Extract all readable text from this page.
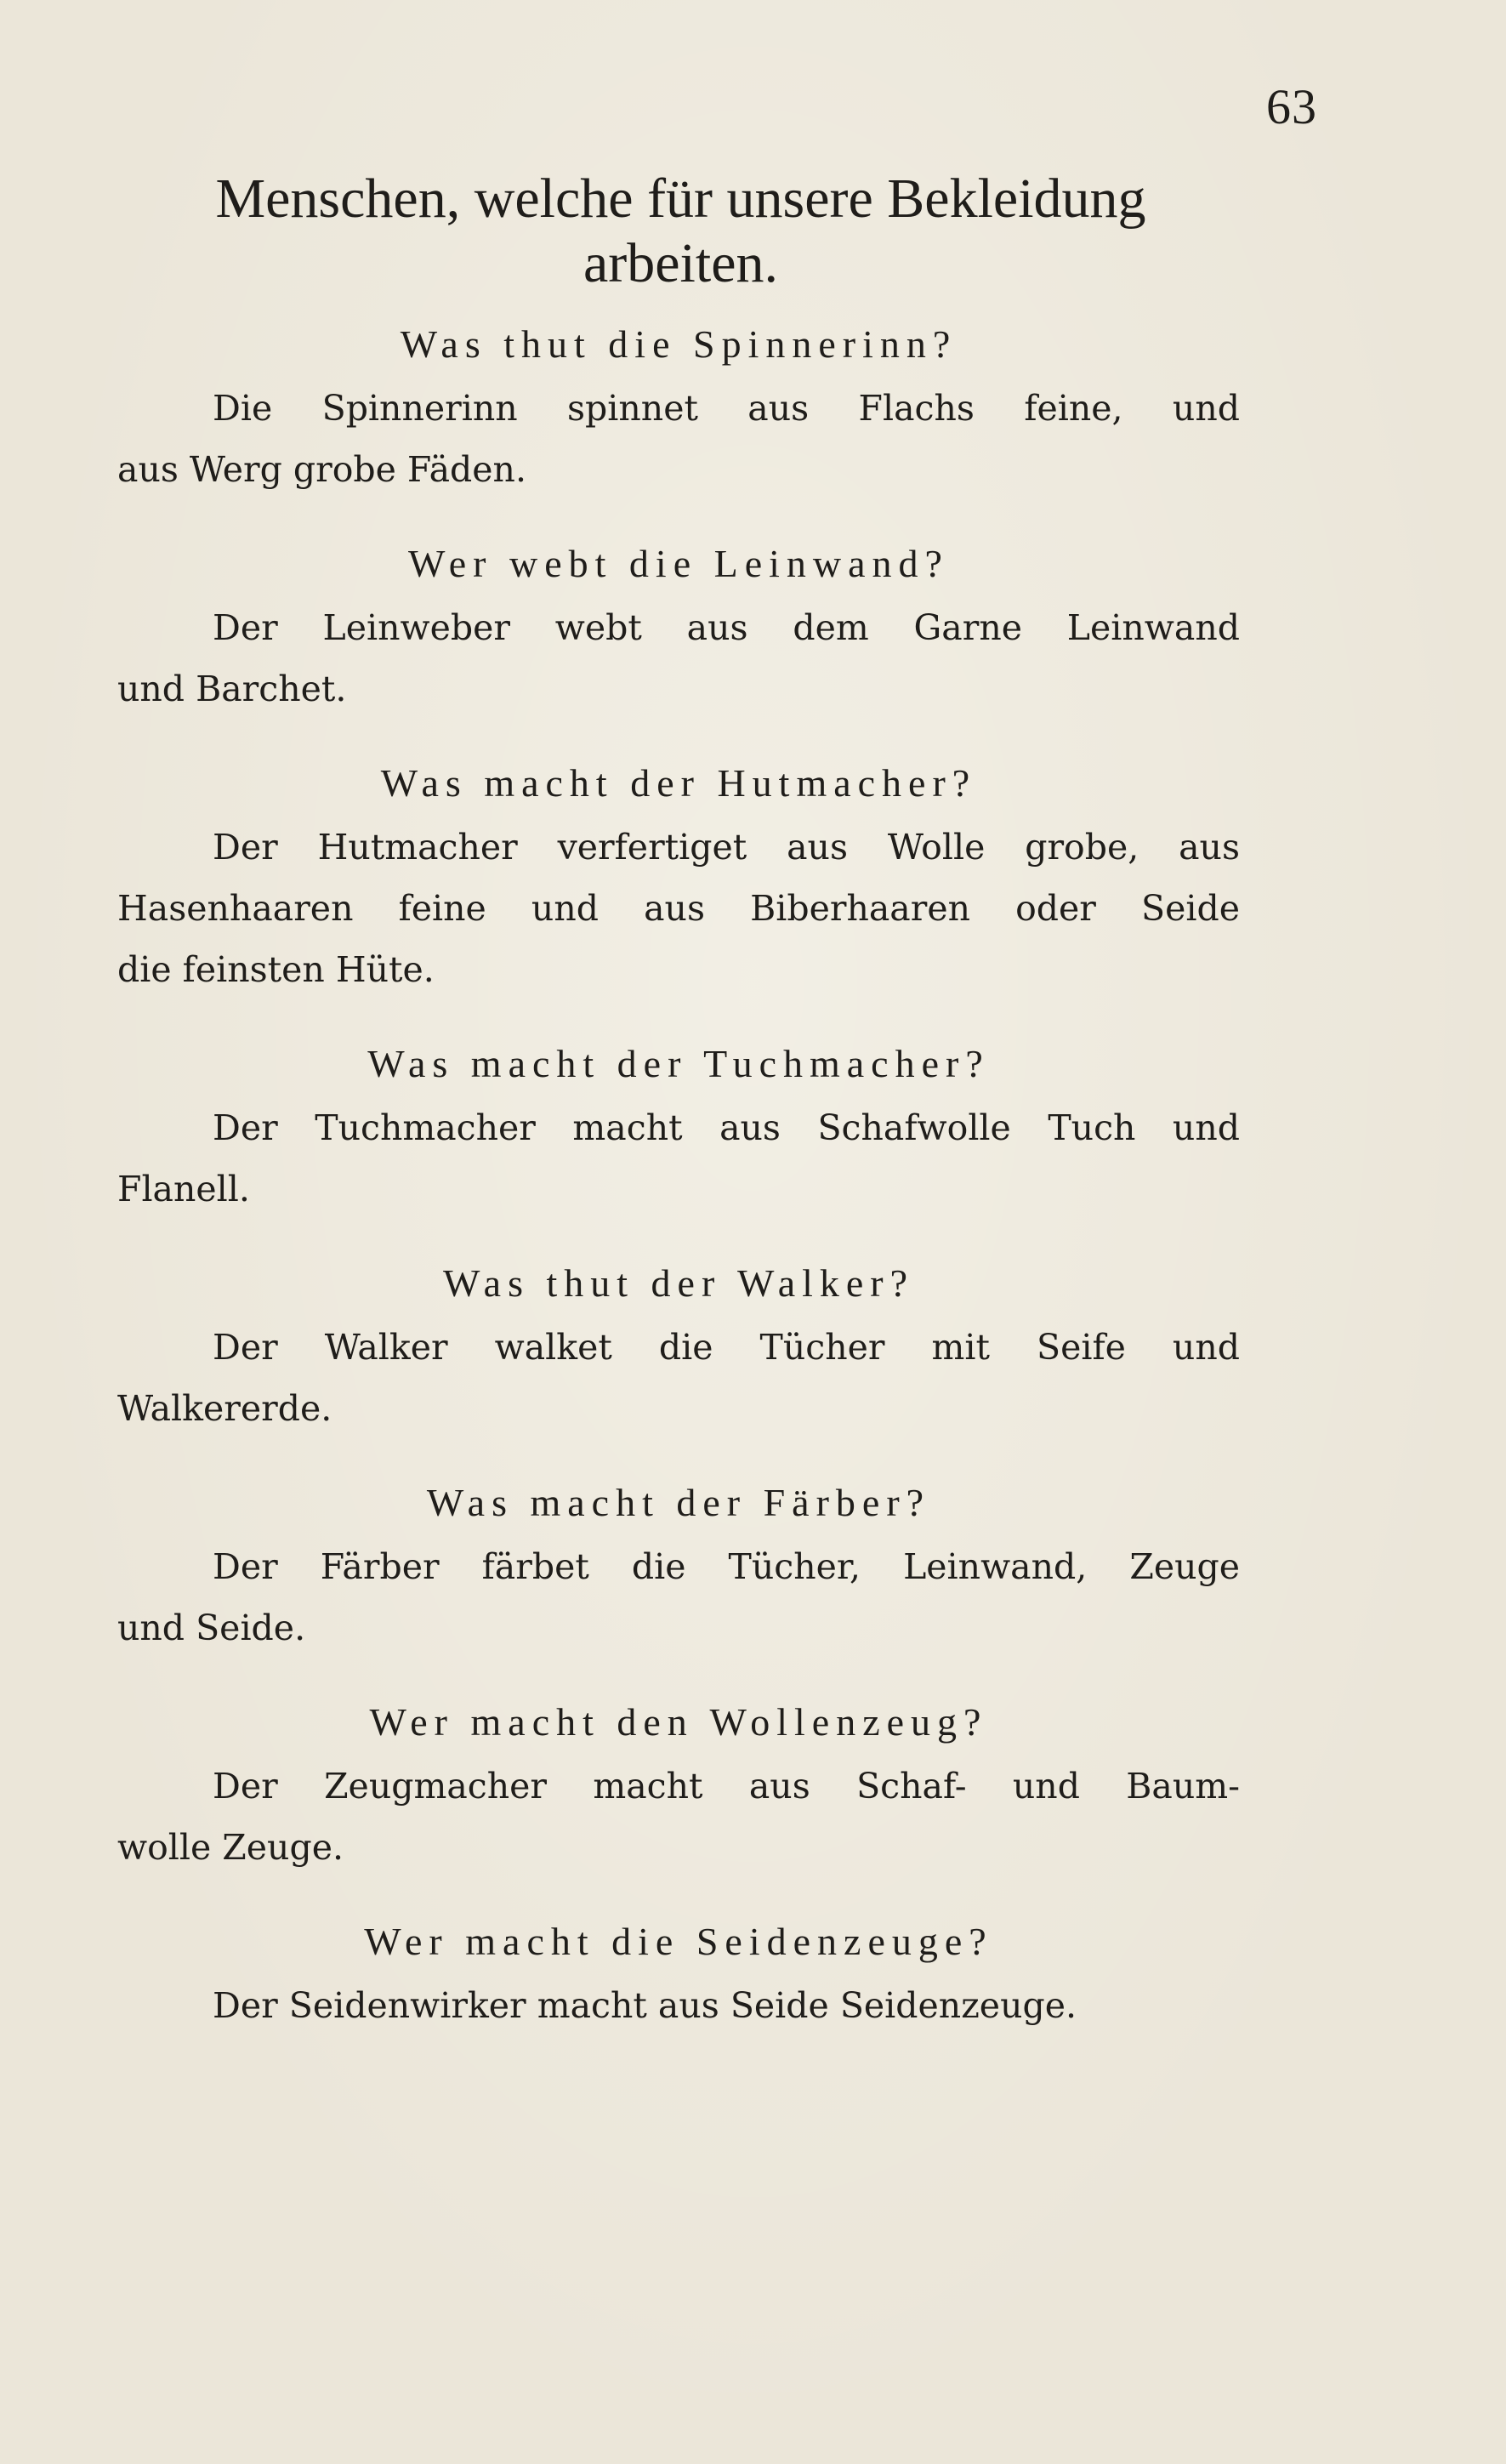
63
Menschen, welche für unsere Bekleidung
arbeiten.
Was thut die Spinnerinn?

Die Spinnerinn spinnet aus Flachs feine, und
aus Werg grobe Fäden.

Wer webt die Leinwand?

Der Leinweber webt aus dem Garne Leinwand
und Barchet.

Was macht der Hutmacher?

Der Hutmacher verfertiget aus Wolle grobe, aus
Hasenhaaren feine und aus Biberhaaren oder Seide
die feinsten Hüte.

Was macht der Tuchmacher?

Der Tuchmacher macht aus Schafwolle Tuch und
Flanell.

Was thut der Walker?

Der Walker walket die Tücher mit Seife und
Walkererde.

Was macht der Färber?

Der Färber färbet die Tücher, Leinwand, Zeuge
und Seide.

Wer macht den Wollenzeug?

Der Zeugmacher macht aus Schaf- und Baum-
wolle Zeuge.

Wer macht die Seidenzeuge?

Der Seidenwirker macht aus Seide Seidenzeuge.
